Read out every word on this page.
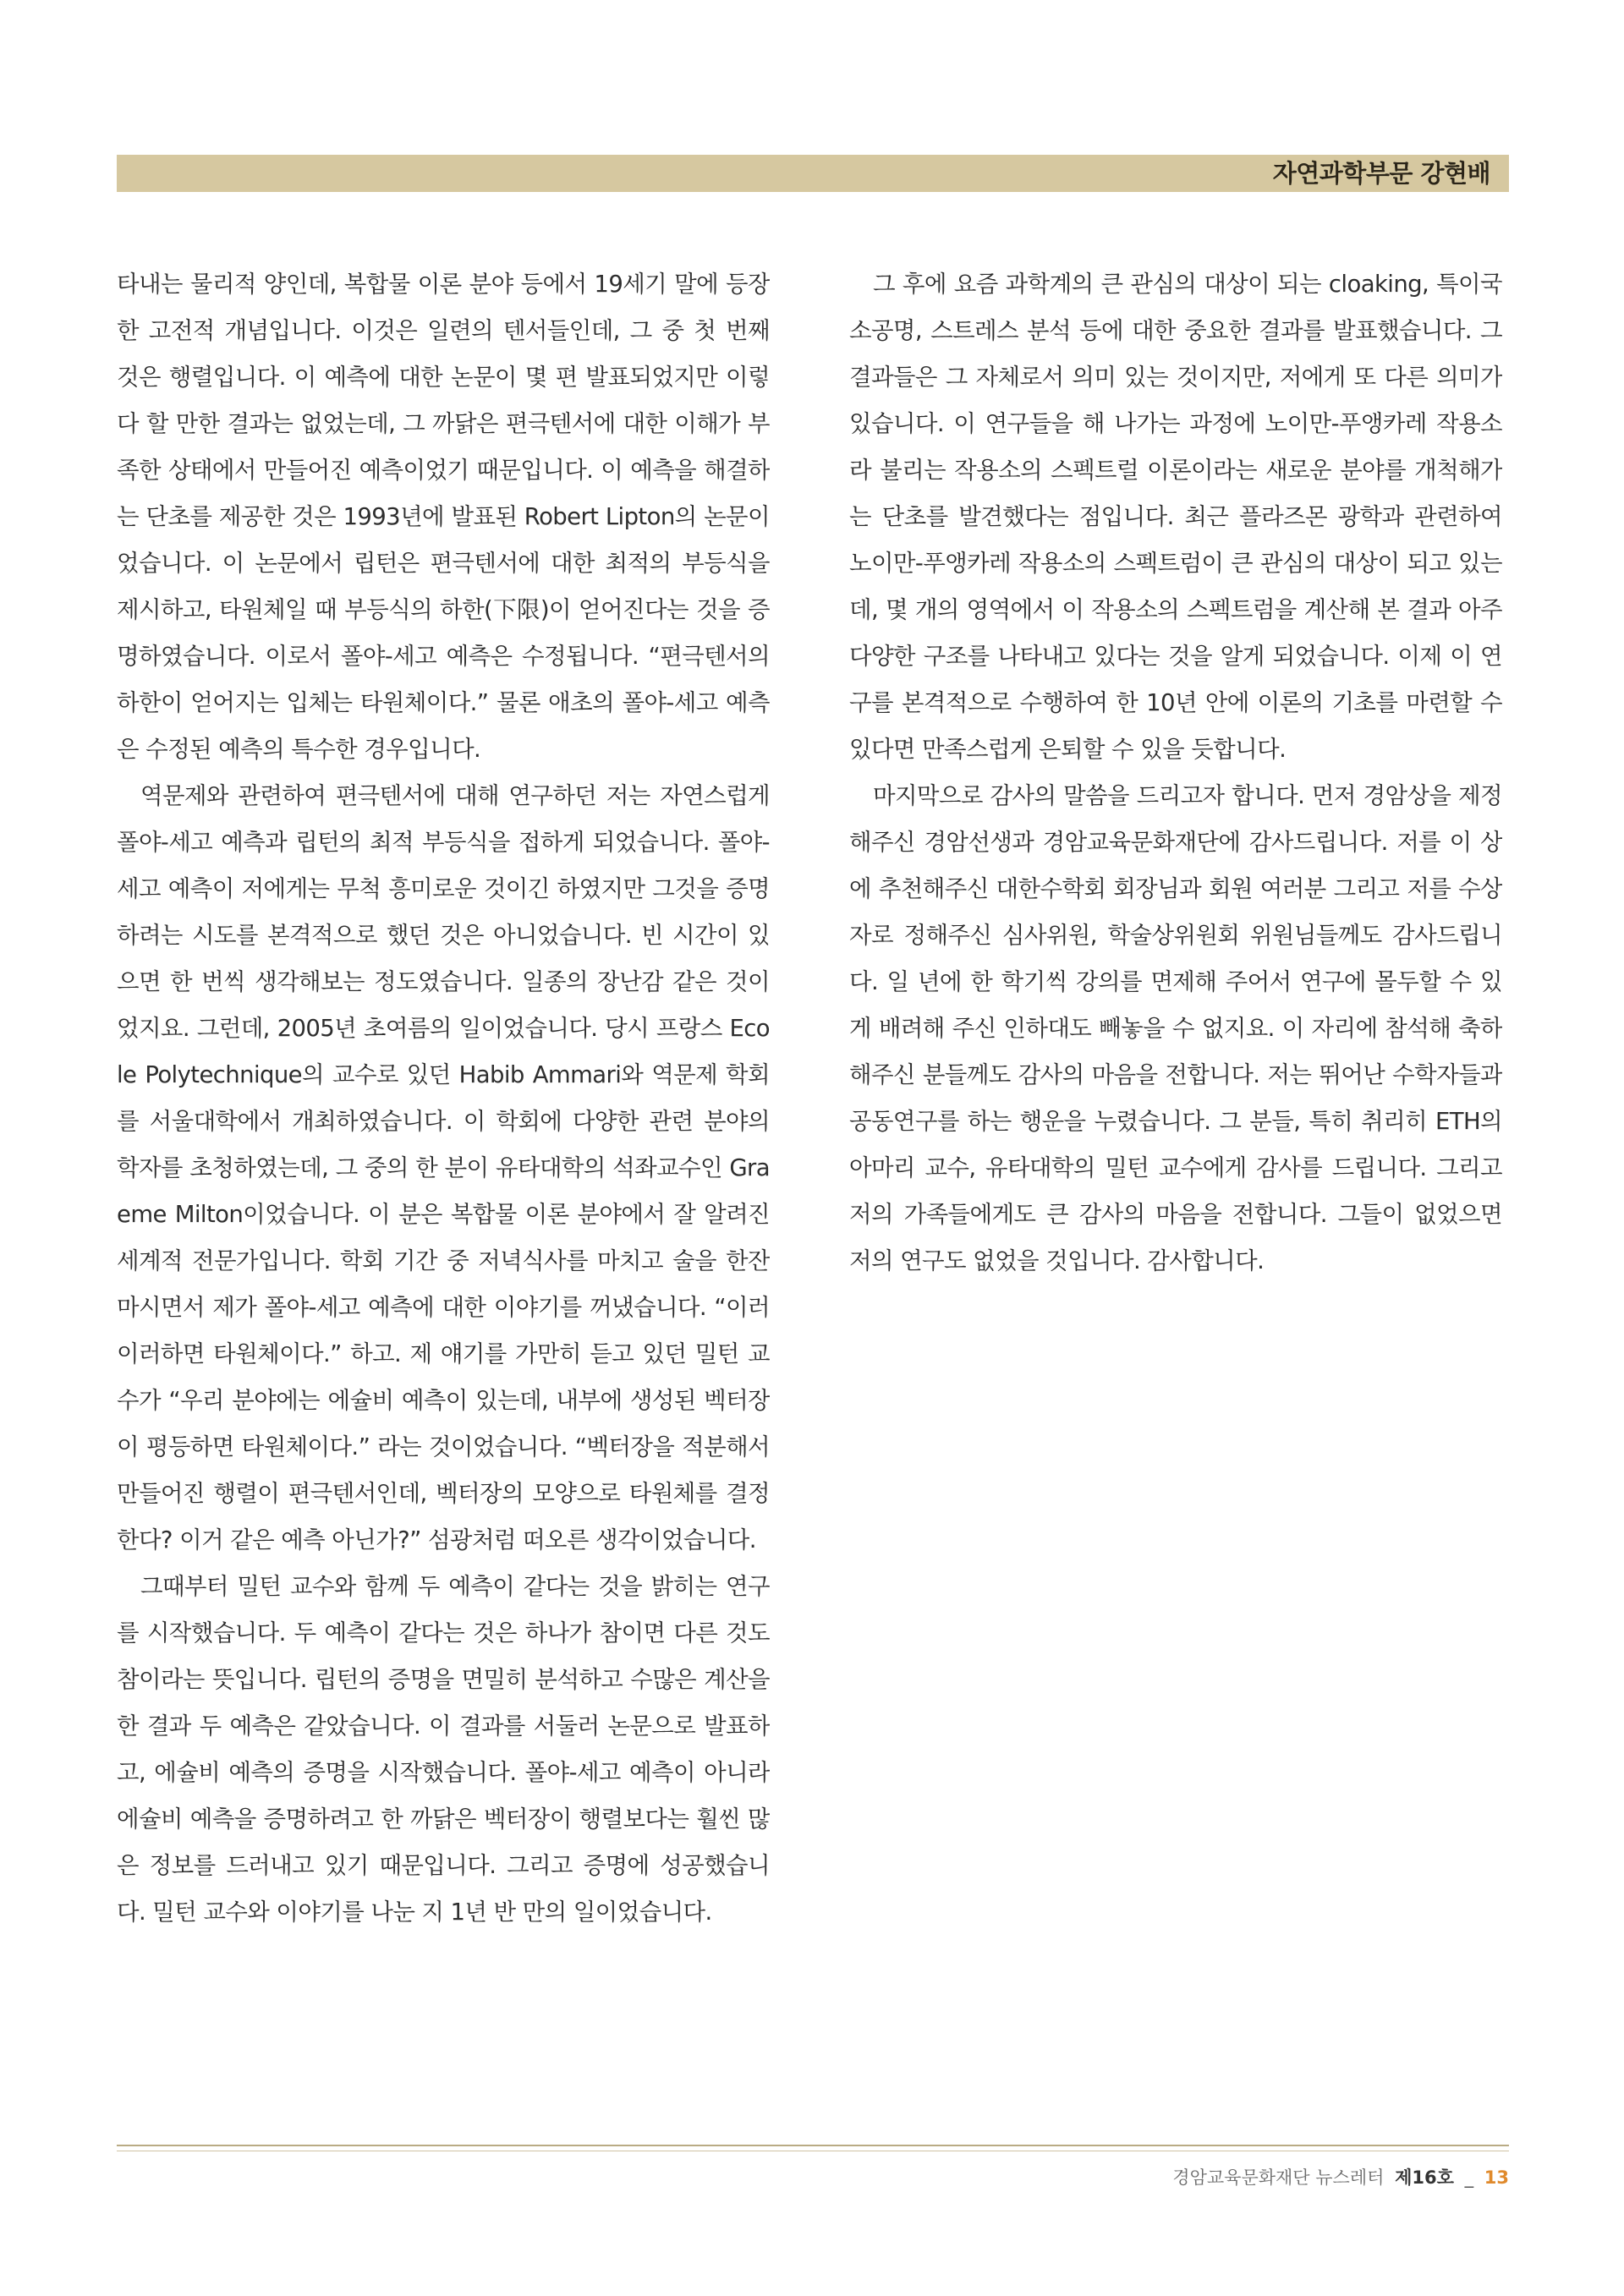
자연과학부문 강현배

타내는 물리적 양인데, 복합물 이론 분야 등에서 19세기 말에 등장한 고전적 개념입니다. 이것은 일련의 텐서들인데, 그 중 첫 번째 것은 행렬입니다. 이 예측에 대한 논문이 몇 편 발표되었지만 이렇다 할 만한 결과는 없었는데, 그 까닭은 편극텐서에 대한 이해가 부족한 상태에서 만들어진 예측이었기 때문입니다. 이 예측을 해결하는 단초를 제공한 것은 1993년에 발표된 Robert Lipton의 논문이었습니다. 이 논문에서 립턴은 편극텐서에 대한 최적의 부등식을 제시하고, 타원체일 때 부등식의 하한(下限)이 얻어진다는 것을 증명하였습니다. 이로서 폴야-세고 예측은 수정됩니다. “편극텐서의 하한이 얻어지는 입체는 타원체이다.” 물론 애초의 폴야-세고 예측은 수정된 예측의 특수한 경우입니다.

역문제와 관련하여 편극텐서에 대해 연구하던 저는 자연스럽게 폴야-세고 예측과 립턴의 최적 부등식을 접하게 되었습니다. 폴야-세고 예측이 저에게는 무척 흥미로운 것이긴 하였지만 그것을 증명하려는 시도를 본격적으로 했던 것은 아니었습니다. 빈 시간이 있으면 한 번씩 생각해보는 정도였습니다. 일종의 장난감 같은 것이었지요. 그런데, 2005년 초여름의 일이었습니다. 당시 프랑스 Ecole Polytechnique의 교수로 있던 Habib Ammari와 역문제 학회를 서울대학에서 개최하였습니다. 이 학회에 다양한 관련 분야의 학자를 초청하였는데, 그 중의 한 분이 유타대학의 석좌교수인 Graeme Milton이었습니다. 이 분은 복합물 이론 분야에서 잘 알려진 세계적 전문가입니다. 학회 기간 중 저녁식사를 마치고 술을 한잔 마시면서 제가 폴야-세고 예측에 대한 이야기를 꺼냈습니다. “이러이러하면 타원체이다.” 하고. 제 얘기를 가만히 듣고 있던 밀턴 교수가 “우리 분야에는 에슐비 예측이 있는데, 내부에 생성된 벡터장이 평등하면 타원체이다.” 라는 것이었습니다. “벡터장을 적분해서 만들어진 행렬이 편극텐서인데, 벡터장의 모양으로 타원체를 결정한다? 이거 같은 예측 아닌가?” 섬광처럼 떠오른 생각이었습니다.

그때부터 밀턴 교수와 함께 두 예측이 같다는 것을 밝히는 연구를 시작했습니다. 두 예측이 같다는 것은 하나가 참이면 다른 것도 참이라는 뜻입니다. 립턴의 증명을 면밀히 분석하고 수많은 계산을 한 결과 두 예측은 같았습니다. 이 결과를 서둘러 논문으로 발표하고, 에슐비 예측의 증명을 시작했습니다. 폴야-세고 예측이 아니라 에슐비 예측을 증명하려고 한 까닭은 벡터장이 행렬보다는 훨씬 많은 정보를 드러내고 있기 때문입니다. 그리고 증명에 성공했습니다. 밀턴 교수와 이야기를 나눈 지 1년 반 만의 일이었습니다.

그 후에 요즘 과학계의 큰 관심의 대상이 되는 cloaking, 특이국소공명, 스트레스 분석 등에 대한 중요한 결과를 발표했습니다. 그 결과들은 그 자체로서 의미 있는 것이지만, 저에게 또 다른 의미가 있습니다. 이 연구들을 해 나가는 과정에 노이만-푸앵카레 작용소라 불리는 작용소의 스펙트럴 이론이라는 새로운 분야를 개척해가는 단초를 발견했다는 점입니다. 최근 플라즈몬 광학과 관련하여 노이만-푸앵카레 작용소의 스펙트럼이 큰 관심의 대상이 되고 있는데, 몇 개의 영역에서 이 작용소의 스펙트럼을 계산해 본 결과 아주 다양한 구조를 나타내고 있다는 것을 알게 되었습니다. 이제 이 연구를 본격적으로 수행하여 한 10년 안에 이론의 기초를 마련할 수 있다면 만족스럽게 은퇴할 수 있을 듯합니다.

마지막으로 감사의 말씀을 드리고자 합니다. 먼저 경암상을 제정해주신 경암선생과 경암교육문화재단에 감사드립니다. 저를 이 상에 추천해주신 대한수학회 회장님과 회원 여러분 그리고 저를 수상자로 정해주신 심사위원, 학술상위원회 위원님들께도 감사드립니다. 일 년에 한 학기씩 강의를 면제해 주어서 연구에 몰두할 수 있게 배려해 주신 인하대도 빼놓을 수 없지요. 이 자리에 참석해 축하해주신 분들께도 감사의 마음을 전합니다. 저는 뛰어난 수학자들과 공동연구를 하는 행운을 누렸습니다. 그 분들, 특히 취리히 ETH의 아마리 교수, 유타대학의 밀턴 교수에게 감사를 드립니다. 그리고 저의 가족들에게도 큰 감사의 마음을 전합니다. 그들이 없었으면 저의 연구도 없었을 것입니다. 감사합니다.

경암교육문화재단 뉴스레터 제16호 _ 13
